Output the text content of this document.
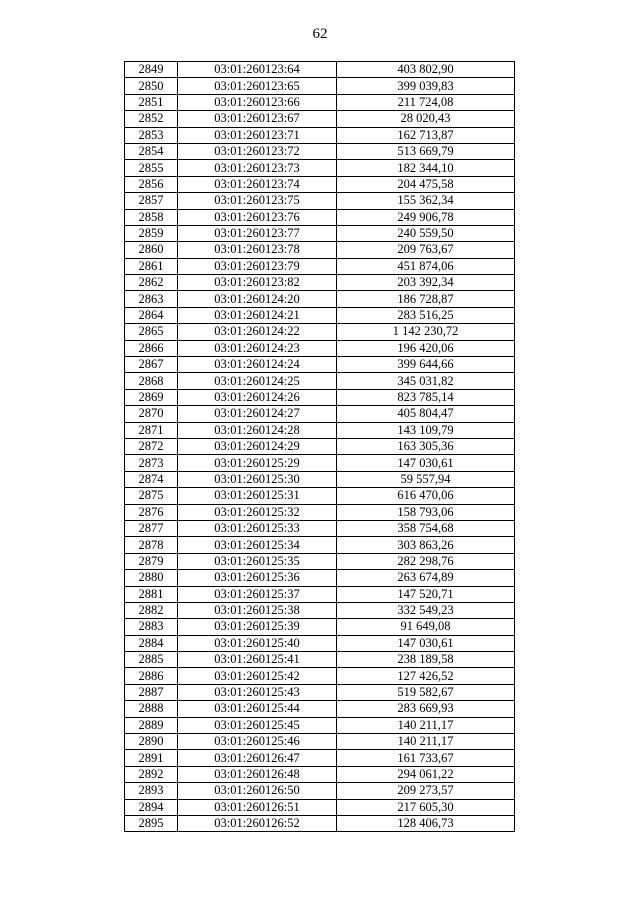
62
2849	03:01:260123:64	403 802,90
2850	03:01:260123:65	399 039,83
2851	03:01:260123:66	211 724,08
2852	03:01:260123:67	28 020,43
2853	03:01:260123:71	162 713,87
2854	03:01:260123:72	513 669,79
2855	03:01:260123:73	182 344,10
2856	03:01:260123:74	204 475,58
2857	03:01:260123:75	155 362,34
2858	03:01:260123:76	249 906,78
2859	03:01:260123:77	240 559,50
2860	03:01:260123:78	209 763,67
2861	03:01:260123:79	451 874,06
2862	03:01:260123:82	203 392,34
2863	03:01:260124:20	186 728,87
2864	03:01:260124:21	283 516,25
2865	03:01:260124:22	1 142 230,72
2866	03:01:260124:23	196 420,06
2867	03:01:260124:24	399 644,66
2868	03:01:260124:25	345 031,82
2869	03:01:260124:26	823 785,14
2870	03:01:260124:27	405 804,47
2871	03:01:260124:28	143 109,79
2872	03:01:260124:29	163 305,36
2873	03:01:260125:29	147 030,61
2874	03:01:260125:30	59 557,94
2875	03:01:260125:31	616 470,06
2876	03:01:260125:32	158 793,06
2877	03:01:260125:33	358 754,68
2878	03:01:260125:34	303 863,26
2879	03:01:260125:35	282 298,76
2880	03:01:260125:36	263 674,89
2881	03:01:260125:37	147 520,71
2882	03:01:260125:38	332 549,23
2883	03:01:260125:39	91 649,08
2884	03:01:260125:40	147 030,61
2885	03:01:260125:41	238 189,58
2886	03:01:260125:42	127 426,52
2887	03:01:260125:43	519 582,67
2888	03:01:260125:44	283 669,93
2889	03:01:260125:45	140 211,17
2890	03:01:260125:46	140 211,17
2891	03:01:260126:47	161 733,67
2892	03:01:260126:48	294 061,22
2893	03:01:260126:50	209 273,57
2894	03:01:260126:51	217 605,30
2895	03:01:260126:52	128 406,73
